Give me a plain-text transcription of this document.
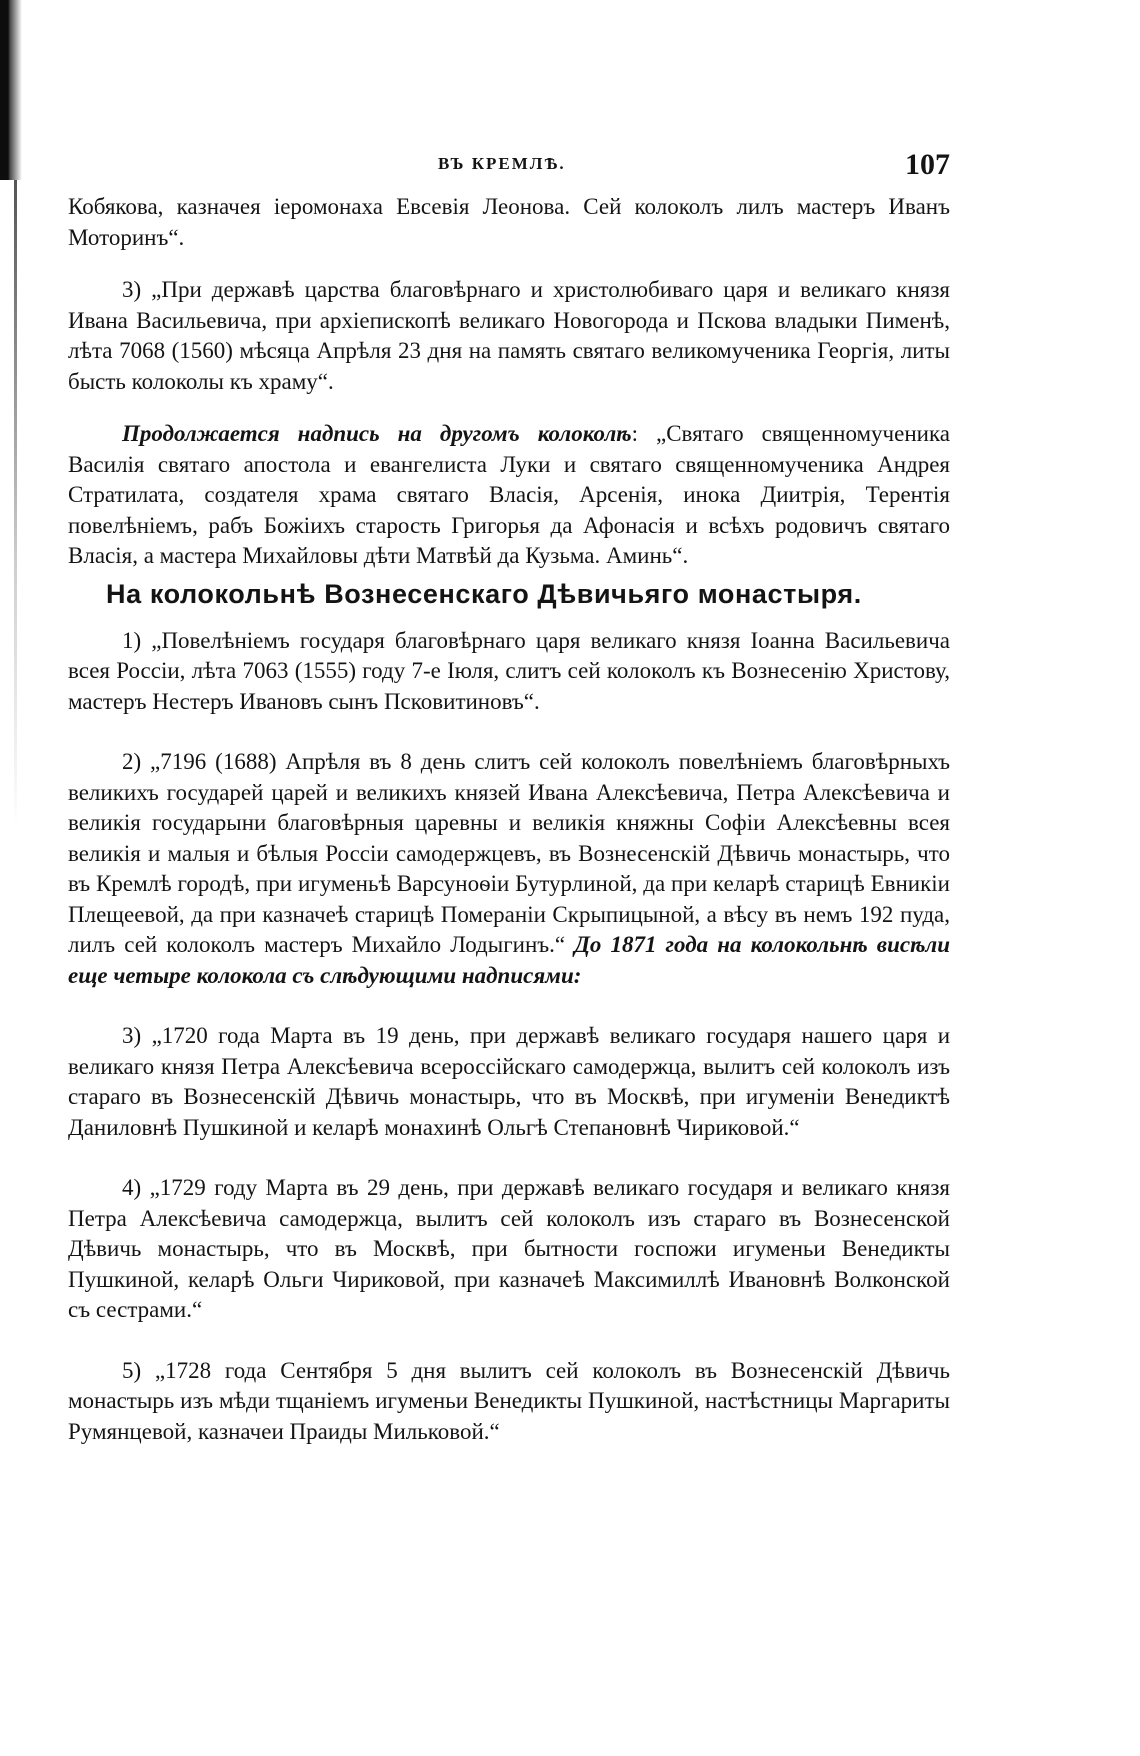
ВЪ КРЕМЛѢ.	107

Кобякова, казначея іеромонаха Евсевія Леонова. Сей колоколъ лилъ мастеръ Иванъ Моторинъ“.

3) „При державѣ царства благовѣрнаго и христолюбиваго царя и великаго князя Ивана Васильевича, при архіепископѣ великаго Новогорода и Пскова владыки Пименѣ, лѣта 7068 (1560) мѣсяца Апрѣля 23 дня на память святаго великомученика Георгія, литы бысть колоколы къ храму“.

Продолжается надпись на другомъ колоколѣ: „Святаго священномученика Василія святаго апостола и евангелиста Луки и святаго священномученика Андрея Стратилата, создателя храма святаго Власія, Арсенія, инока Диитрія, Терентія повелѣніемъ, рабъ Божіихъ старость Григорья да Афонасія и всѣхъ родовичъ святаго Власія, а мастера Михайловы дѣти Матвѣй да Кузьма. Аминь“.

На колокольнѣ Вознесенскаго Дѣвичьяго монастыря.

1) „Повелѣніемъ государя благовѣрнаго царя великаго князя Іоанна Васильевича всея Россіи, лѣта 7063 (1555) году 7-е Іюля, слитъ сей колоколъ къ Вознесенію Христову, мастеръ Нестеръ Ивановъ сынъ Псковитиновъ“.

2) „7196 (1688) Апрѣля въ 8 день слитъ сей колоколъ повелѣніемъ благовѣрныхъ великихъ государей царей и великихъ князей Ивана Алексѣевича, Петра Алексѣевича и великія государыни благовѣрныя царевны и великія княжны Софіи Алексѣевны всея великія и малыя и бѣлыя Россіи самодержцевъ, въ Вознесенскій Дѣвичь монастырь, что въ Кремлѣ городѣ, при игуменьѣ Варсуноѳіи Бутурлиной, да при келарѣ старицѣ Евникіи Плещеевой, да при казначеѣ старицѣ Помераніи Скрыпицыной, а вѣсу въ немъ 192 пуда, лилъ сей колоколъ мастеръ Михайло Лодыгинъ.“ До 1871 года на колокольнѣ висѣли еще четыре колокола съ слѣдующими надписями:

3) „1720 года Марта въ 19 день, при державѣ великаго государя нашего царя и великаго князя Петра Алексѣевича всероссійскаго самодержца, вылитъ сей колоколъ изъ стараго въ Вознесенскій Дѣвичь монастырь, что въ Москвѣ, при игуменіи Венедиктѣ Даниловнѣ Пушкиной и келарѣ монахинѣ Ольгѣ Степановнѣ Чириковой.“

4) „1729 году Марта въ 29 день, при державѣ великаго государя и великаго князя Петра Алексѣевича самодержца, вылитъ сей колоколъ изъ стараго въ Вознесенской Дѣвичь монастырь, что въ Москвѣ, при бытности госпожи игуменьи Венедикты Пушкиной, келарѣ Ольги Чириковой, при казначеѣ Максимиллѣ Ивановнѣ Волконской съ сестрами.“

5) „1728 года Сентября 5 дня вылитъ сей колоколъ въ Вознесенскій Дѣвичь монастырь изъ мѣди тщаніемъ игуменьи Венедикты Пушкиной, настѣстницы Маргариты Румянцевой, казначеи Праиды Мильковой.“
